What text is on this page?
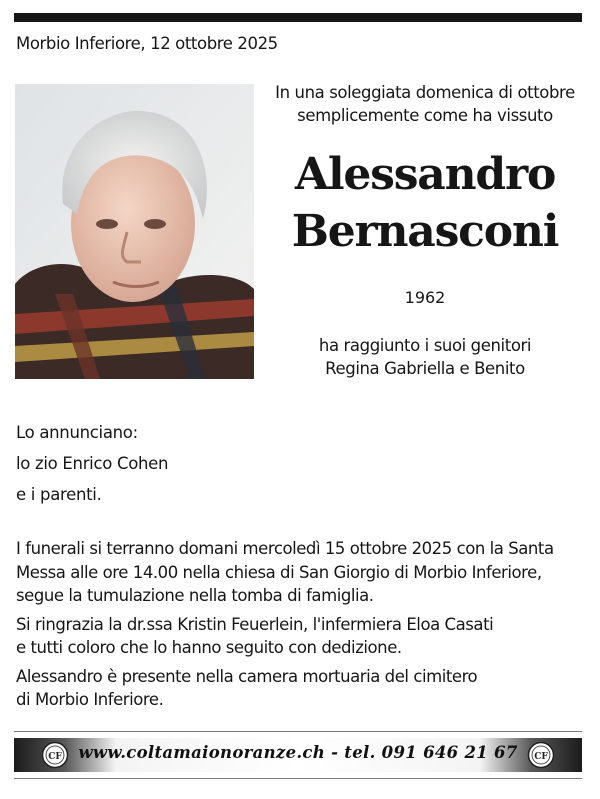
Morbio Inferiore, 12 ottobre 2025
In una soleggiata domenica di ottobre
semplicemente come ha vissuto
Alessandro
Bernasconi
1962
ha raggiunto i suoi genitori
Regina Gabriella e Benito
Lo annunciano:
lo zio Enrico Cohen
e i parenti.

I funerali si terranno domani mercoledì 15 ottobre 2025 con la Santa
Messa alle ore 14.00 nella chiesa di San Giorgio di Morbio Inferiore,
segue la tumulazione nella tomba di famiglia.

Si ringrazia la dr.ssa Kristin Feuerlein, l'infermiera Eloa Casati
e tutti coloro che lo hanno seguito con dedizione.

Alessandro è presente nella camera mortuaria del cimitero
di Morbio Inferiore.

CF	www.coltamaionoranze.ch - tel. 091 646 21 67	CF
